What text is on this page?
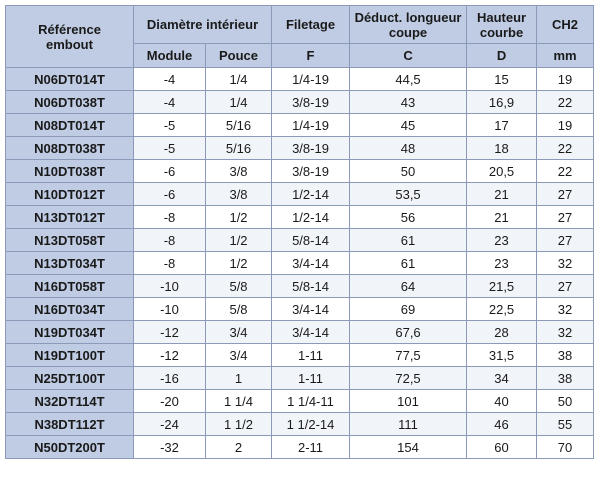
Référence
embout	Diamètre intérieur		Filetage	Déduct. longueur
coupe	Hauteur
courbe	CH2
	Module	Pouce	F	C	D	mm
N06DT014T	-4	1/4	1/4-19	44,5	15	19
N06DT038T	-4	1/4	3/8-19	43	16,9	22
N08DT014T	-5	5/16	1/4-19	45	17	19
N08DT038T	-5	5/16	3/8-19	48	18	22
N10DT038T	-6	3/8	3/8-19	50	20,5	22
N10DT012T	-6	3/8	1/2-14	53,5	21	27
N13DT012T	-8	1/2	1/2-14	56	21	27
N13DT058T	-8	1/2	5/8-14	61	23	27
N13DT034T	-8	1/2	3/4-14	61	23	32
N16DT058T	-10	5/8	5/8-14	64	21,5	27
N16DT034T	-10	5/8	3/4-14	69	22,5	32
N19DT034T	-12	3/4	3/4-14	67,6	28	32
N19DT100T	-12	3/4	1-11	77,5	31,5	38
N25DT100T	-16	1	1-11	72,5	34	38
N32DT114T	-20	1 1/4	1 1/4-11	101	40	50
N38DT112T	-24	1 1/2	1 1/2-14	111	46	55
N50DT200T	-32	2	2-11	154	60	70
